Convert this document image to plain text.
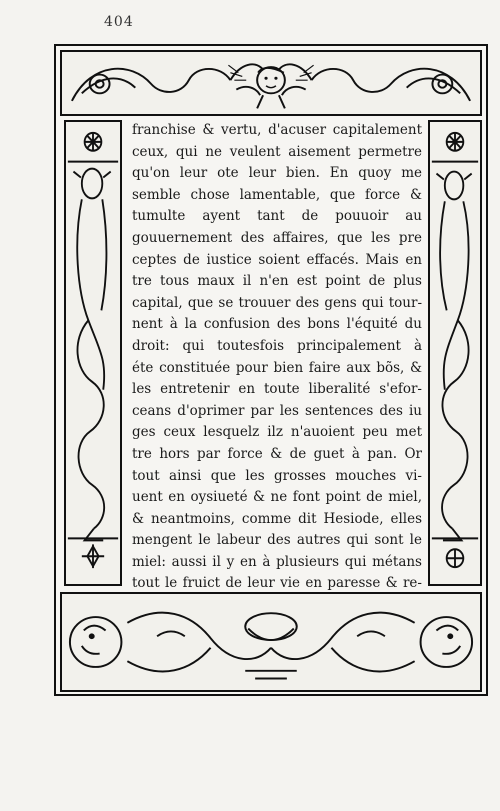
404
franchise & vertu, d'acuser capitalement
ceux, qui ne veulent aisement permetre
qu'on leur ote leur bien. En quoy me
semble chose lamentable, que force &
tumulte ayent tant de pouuoir au
gouuernement des affaires, que les pre
ceptes de iustice soient effacés. Mais en
tre tous maux il n'en est point de plus
capital, que se trouuer des gens qui tour-
nent à la confusion des bons l'équité du
droit: qui toutesfois principalement à
éte constituée pour bien faire aux bõs, &
les entretenir en toute liberalité s'efor-
ceans d'oprimer par les sentences des iu
ges ceux lesquelz ilz n'auoient peu met
tre hors par force & de guet à pan. Or
tout ainsi que les grosses mouches vi-
uent en oysiueté & ne font point de miel,
& neantmoins, comme dit Hesiode, elles
mengent le labeur des autres qui sont le
miel: aussi il y en à plusieurs qui métans
tout le fruict de leur vie en paresse & re-
